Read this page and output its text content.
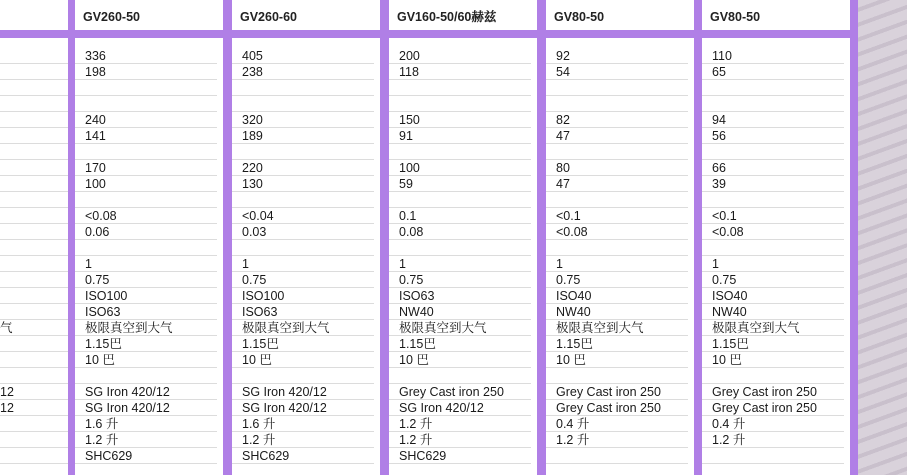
气
12
12
GV260-50
336
198
240
141
170
100
<0.08
0.06
1
0.75
ISO100
ISO63
极限真空到大气
1.15巴
10 巴
SG Iron 420/12
SG Iron 420/12
1.6 升
1.2 升
SHC629
GV260-60
405
238
320
189
220
130
<0.04
0.03
1
0.75
ISO100
ISO63
极限真空到大气
1.15巴
10 巴
SG Iron 420/12
SG Iron 420/12
1.6 升
1.2 升
SHC629
GV160-50/60赫兹
200
118
150
91
100
59
0.1
0.08
1
0.75
ISO63
NW40
极限真空到大气
1.15巴
10 巴
Grey Cast iron 250
SG Iron 420/12
1.2 升
1.2 升
SHC629
GV80-50
92
54
82
47
80
47
<0.1
<0.08
1
0.75
ISO40
NW40
极限真空到大气
1.15巴
10 巴
Grey Cast iron 250
Grey Cast iron 250
0.4 升
1.2 升
GV80-50
110
65
94
56
66
39
<0.1
<0.08
1
0.75
ISO40
NW40
极限真空到大气
1.15巴
10 巴
Grey Cast iron 250
Grey Cast iron 250
0.4 升
1.2 升
